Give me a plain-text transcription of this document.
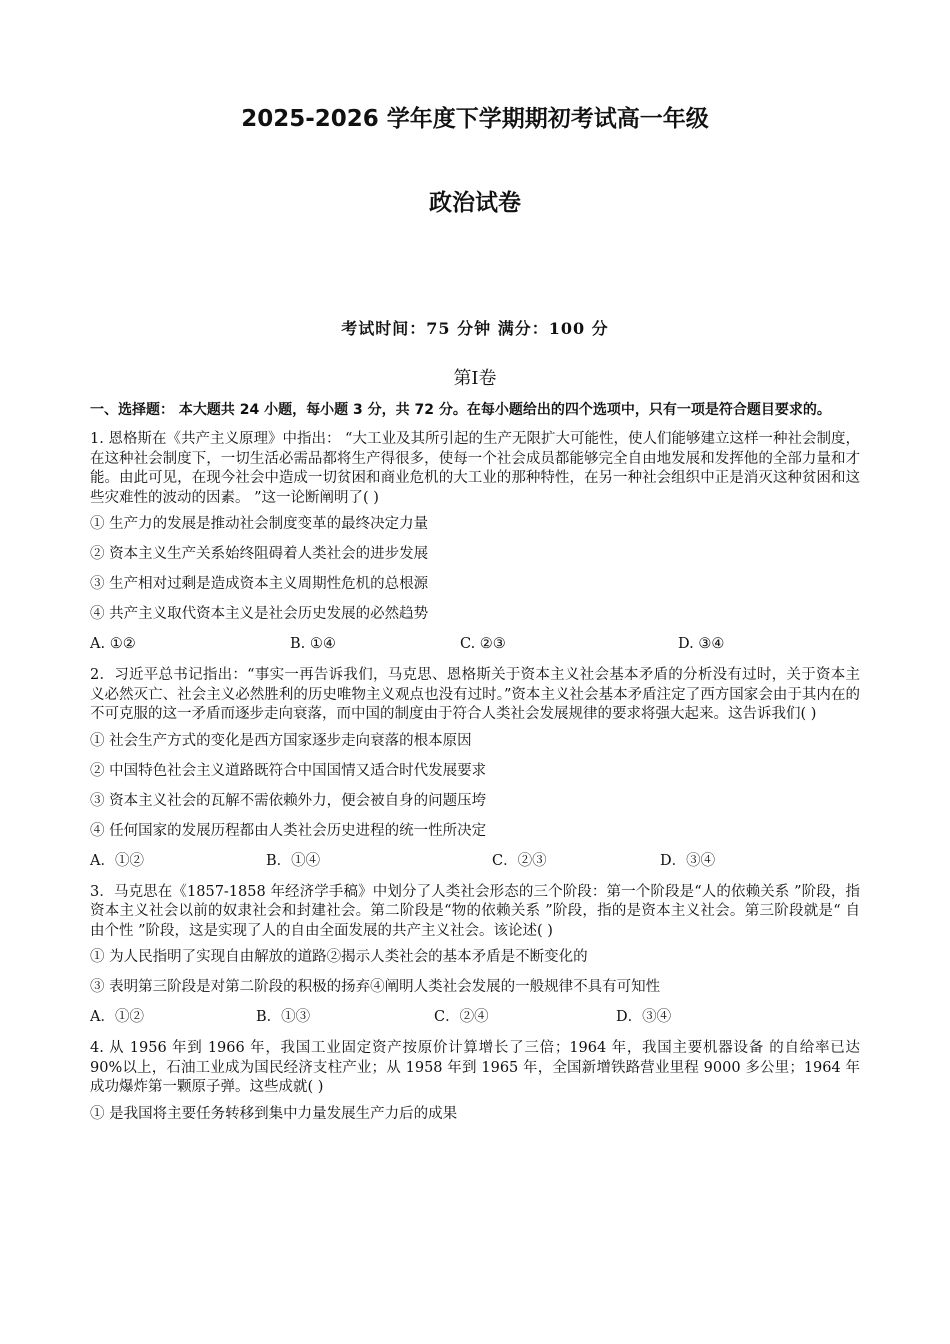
2025-2026 学年度下学期期初考试高一年级
政治试卷
考试时间：75 分钟 满分：100 分
第I卷
一、选择题： 本大题共 24 小题，每小题 3 分，共 72 分。在每小题给出的四个选项中，只有一项是符合题目要求的。
1. 恩格斯在《共产主义原理》中指出： “大工业及其所引起的生产无限扩大可能性，使人们能够建立这样一种社会制度，在这种社会制度下，一切生活必需品都将生产得很多，使每一个社会成员都能够完全自由地发展和发挥他的全部力量和才能。由此可见，在现今社会中造成一切贫困和商业危机的大工业的那种特性，在另一种社会组织中正是消灭这种贫困和这些灾难性的波动的因素。 ”这一论断阐明了( )
① 生产力的发展是推动社会制度变革的最终决定力量
② 资本主义生产关系始终阻碍着人类社会的进步发展
③ 生产相对过剩是造成资本主义周期性危机的总根源
④ 共产主义取代资本主义是社会历史发展的必然趋势
A. ①②	B. ①④	C. ②③	D. ③④
2．习近平总书记指出：“事实一再告诉我们，马克思、恩格斯关于资本主义社会基本矛盾的分析没有过时，关于资本主义必然灭亡、社会主义必然胜利的历史唯物主义观点也没有过时。”资本主义社会基本矛盾注定了西方国家会由于其内在的不可克服的这一矛盾而逐步走向衰落，而中国的制度由于符合人类社会发展规律的要求将强大起来。这告诉我们( )
① 社会生产方式的变化是西方国家逐步走向衰落的根本原因
② 中国特色社会主义道路既符合中国国情又适合时代发展要求
③ 资本主义社会的瓦解不需依赖外力，便会被自身的问题压垮
④ 任何国家的发展历程都由人类社会历史进程的统一性所决定
A．①②	B．①④	C．②③	D．③④
3．马克思在《1857-1858 年经济学手稿》中划分了人类社会形态的三个阶段：第一个阶段是“人的依赖关系 ”阶段，指资本主义社会以前的奴隶社会和封建社会。第二阶段是“物的依赖关系 ”阶段，指的是资本主义社会。第三阶段就是“ 自由个性 ”阶段，这是实现了人的自由全面发展的共产主义社会。该论述( )
① 为人民指明了实现自由解放的道路②揭示人类社会的基本矛盾是不断变化的
③ 表明第三阶段是对第二阶段的积极的扬弃④阐明人类社会发展的一般规律不具有可知性
A．①②	B．①③	C．②④	D．③④
4. 从 1956 年到 1966 年，我国工业固定资产按原价计算增长了三倍；1964 年，我国主要机器设备 的自给率已达 90%以上，石油工业成为国民经济支柱产业；从 1958 年到 1965 年，全国新增铁路营业里程 9000 多公里；1964 年成功爆炸第一颗原子弹。这些成就( )
① 是我国将主要任务转移到集中力量发展生产力后的成果
